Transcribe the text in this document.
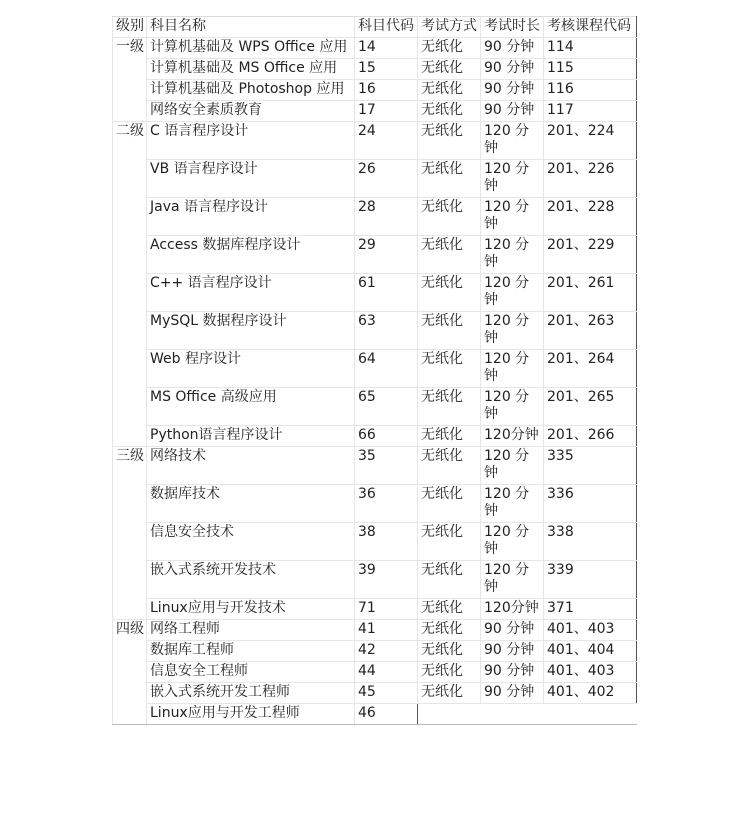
级别	科目名称	科目代码	考试方式	考试时长	考核课程代码
一级	计算机基础及 WPS Office 应用	14	无纸化	90 分钟	114
	计算机基础及 MS Office 应用	15	无纸化	90 分钟	115
	计算机基础及 Photoshop 应用	16	无纸化	90 分钟	116
	网络安全素质教育	17	无纸化	90 分钟	117
二级	C 语言程序设计	24	无纸化	120 分钟	201、224
	VB 语言程序设计	26	无纸化	120 分钟	201、226
	Java 语言程序设计	28	无纸化	120 分钟	201、228
	Access 数据库程序设计	29	无纸化	120 分钟	201、229
	C++ 语言程序设计	61	无纸化	120 分钟	201、261
	MySQL 数据程序设计	63	无纸化	120 分钟	201、263
	Web 程序设计	64	无纸化	120 分钟	201、264
	MS Office 高级应用	65	无纸化	120 分钟	201、265
	Python语言程序设计	66	无纸化	120分钟	201、266
三级	网络技术	35	无纸化	120 分钟	335
	数据库技术	36	无纸化	120 分钟	336
	信息安全技术	38	无纸化	120 分钟	338
	嵌入式系统开发技术	39	无纸化	120 分钟	339
	Linux应用与开发技术	71	无纸化	120分钟	371
四级	网络工程师	41	无纸化	90 分钟	401、403
	数据库工程师	42	无纸化	90 分钟	401、404
	信息安全工程师	44	无纸化	90 分钟	401、403
	嵌入式系统开发工程师	45	无纸化	90 分钟	401、402
	Linux应用与开发工程师	46			
